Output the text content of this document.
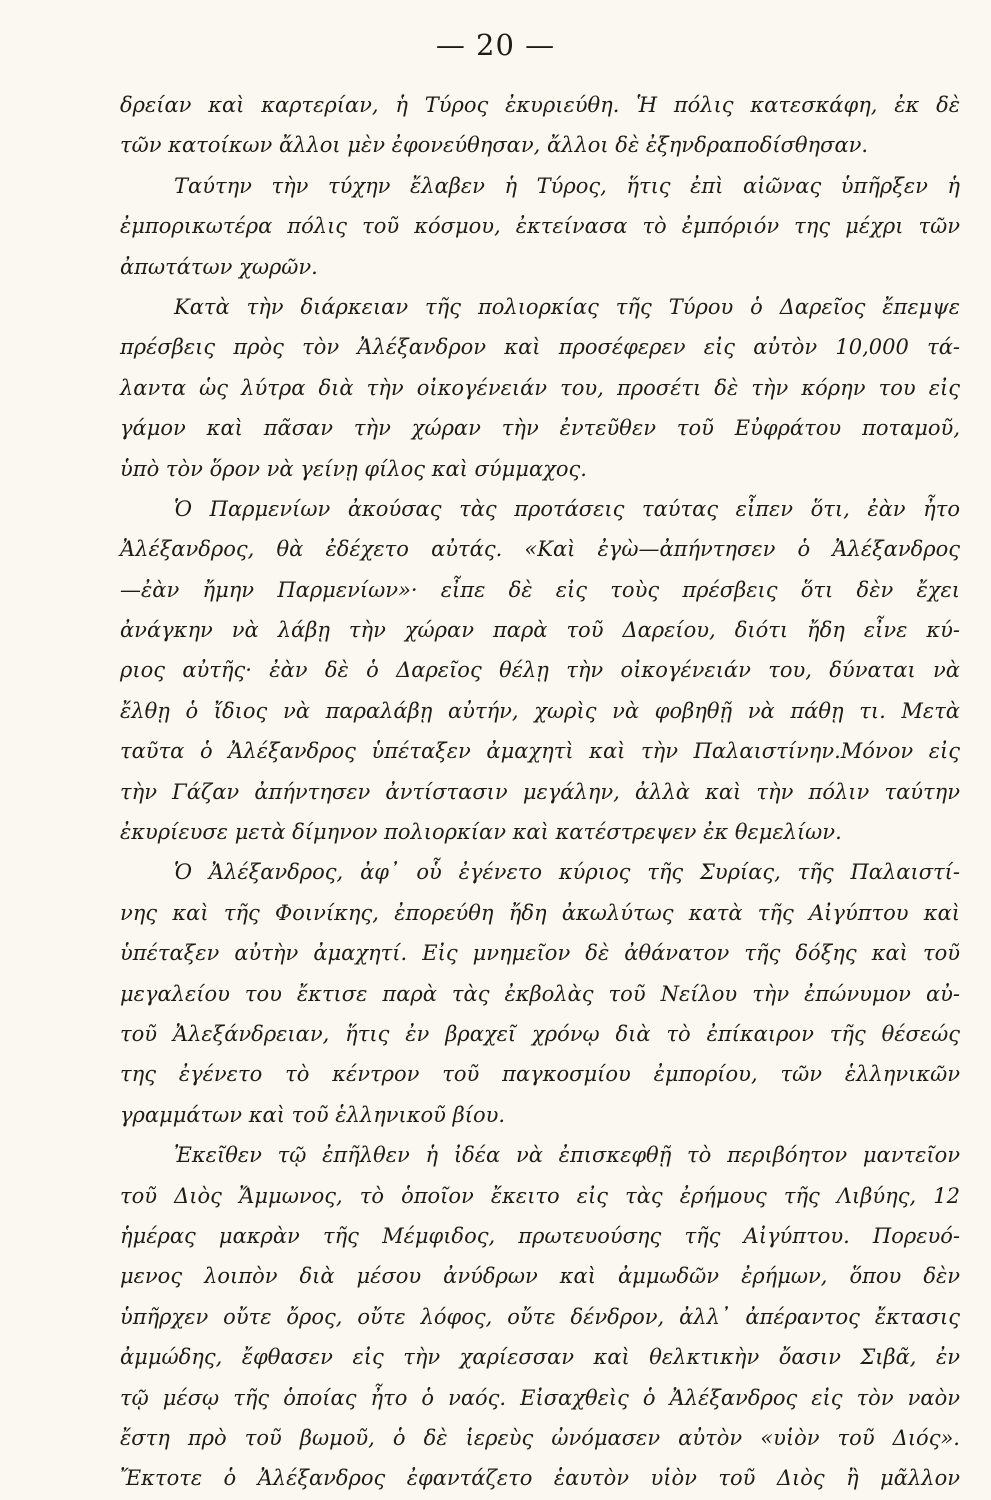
— 20 —
δρείαν καὶ καρτερίαν, ἡ Τύρος ἐκυριεύθη. Ἡ πόλις κατεσκάφη, ἐκ δὲ
τῶν κατοίκων ἄλλοι μὲν ἐφονεύθησαν, ἄλλοι δὲ ἐξηνδραποδίσθησαν.
Ταύτην τὴν τύχην ἔλαβεν ἡ Τύρος, ἥτις ἐπὶ αἰῶνας ὑπῆρξεν ἡ
ἐμπορικωτέρα πόλις τοῦ κόσμου, ἐκτείνασα τὸ ἐμπόριόν της μέχρι τῶν
ἀπωτάτων χωρῶν.
Κατὰ τὴν διάρκειαν τῆς πολιορκίας τῆς Τύρου ὁ Δαρεῖος ἔπεμψε
πρέσβεις πρὸς τὸν Ἀλέξανδρον καὶ προσέφερεν εἰς αὐτὸν 10,000 τά-
λαντα ὡς λύτρα διὰ τὴν οἰκογένειάν του, προσέτι δὲ τὴν κόρην του εἰς
γάμον καὶ πᾶσαν τὴν χώραν τὴν ἐντεῦθεν τοῦ Εὐφράτου ποταμοῦ,
ὑπὸ τὸν ὅρον νὰ γείνῃ φίλος καὶ σύμμαχος.
Ὁ Παρμενίων ἀκούσας τὰς προτάσεις ταύτας εἶπεν ὅτι, ἐὰν ἦτο
Ἀλέξανδρος, θὰ ἐδέχετο αὐτάς. «Καὶ ἐγὼ—ἀπήντησεν ὁ Ἀλέξανδρος
—ἐὰν ἤμην Παρμενίων»· εἶπε δὲ εἰς τοὺς πρέσβεις ὅτι δὲν ἔχει
ἀνάγκην νὰ λάβῃ τὴν χώραν παρὰ τοῦ Δαρείου, διότι ἤδη εἶνε κύ-
ριος αὐτῆς· ἐὰν δὲ ὁ Δαρεῖος θέλῃ τὴν οἰκογένειάν του, δύναται νὰ
ἔλθῃ ὁ ἴδιος νὰ παραλάβῃ αὐτήν, χωρὶς νὰ φοβηθῇ νὰ πάθῃ τι. Μετὰ
ταῦτα ὁ Ἀλέξανδρος ὑπέταξεν ἀμαχητὶ καὶ τὴν Παλαιστίνην.Μόνον εἰς
τὴν Γάζαν ἀπήντησεν ἀντίστασιν μεγάλην, ἀλλὰ καὶ τὴν πόλιν ταύτην
ἐκυρίευσε μετὰ δίμηνον πολιορκίαν καὶ κατέστρεψεν ἐκ θεμελίων.
Ὁ Ἀλέξανδρος, ἀφ᾽ οὗ ἐγένετο κύριος τῆς Συρίας, τῆς Παλαιστί-
νης καὶ τῆς Φοινίκης, ἐπορεύθη ἤδη ἀκωλύτως κατὰ τῆς Αἰγύπτου καὶ
ὑπέταξεν αὐτὴν ἀμαχητί. Εἰς μνημεῖον δὲ ἀθάνατον τῆς δόξης καὶ τοῦ
μεγαλείου του ἔκτισε παρὰ τὰς ἐκβολὰς τοῦ Νείλου τὴν ἐπώνυμον αὐ-
τοῦ Ἀλεξάνδρειαν, ἥτις ἐν βραχεῖ χρόνῳ διὰ τὸ ἐπίκαιρον τῆς θέσεώς
της ἐγένετο τὸ κέντρον τοῦ παγκοσμίου ἐμπορίου, τῶν ἑλληνικῶν
γραμμάτων καὶ τοῦ ἑλληνικοῦ βίου.
Ἐκεῖθεν τῷ ἐπῆλθεν ἡ ἰδέα νὰ ἐπισκεφθῇ τὸ περιβόητον μαντεῖον
τοῦ Διὸς Ἄμμωνος, τὸ ὁποῖον ἔκειτο εἰς τὰς ἐρήμους τῆς Λιβύης, 12
ἡμέρας μακρὰν τῆς Μέμφιδος, πρωτευούσης τῆς Αἰγύπτου. Πορευό-
μενος λοιπὸν διὰ μέσου ἀνύδρων καὶ ἀμμωδῶν ἐρήμων, ὅπου δὲν
ὑπῆρχεν οὔτε ὄρος, οὔτε λόφος, οὔτε δένδρον, ἀλλ᾽ ἀπέραντος ἔκτασις
ἀμμώδης, ἔφθασεν εἰς τὴν χαρίεσσαν καὶ θελκτικὴν ὄασιν Σιβᾶ, ἐν
τῷ μέσῳ τῆς ὁποίας ἦτο ὁ ναός. Εἰσαχθεὶς ὁ Ἀλέξανδρος εἰς τὸν ναὸν
ἔστη πρὸ τοῦ βωμοῦ, ὁ δὲ ἱερεὺς ὠνόμασεν αὐτὸν «υἱὸν τοῦ Διός».
Ἔκτοτε ὁ Ἀλέξανδρος ἐφαντάζετο ἑαυτὸν υἱὸν τοῦ Διὸς ἢ μᾶλλον
